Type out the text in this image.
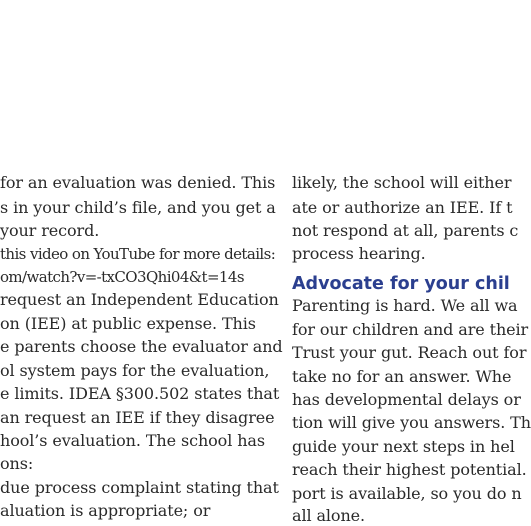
for an evaluation was denied. This
s in your child’s file, and you get a
your record.
this video on YouTube for more details:
om/watch?v=-txCO3Qhi04&t=14s
request an Independent Education
on (IEE) at public expense. This
e parents choose the evaluator and
ol system pays for the evaluation,
e limits. IDEA §300.502 states that
an request an IEE if they disagree
hool’s evaluation. The school has
ons:
due process complaint stating that
aluation is appropriate; or
likely, the school will either
ate or authorize an IEE. If t
not respond at all, parents c
process hearing.
Advocate for your chil
Parenting is hard. We all wa
for our children and are their
Trust your gut. Reach out for
take no for an answer. Whe
has developmental delays or
tion will give you answers. Th
guide your next steps in hel
reach their highest potential.
port is available, so you do n
all alone.
